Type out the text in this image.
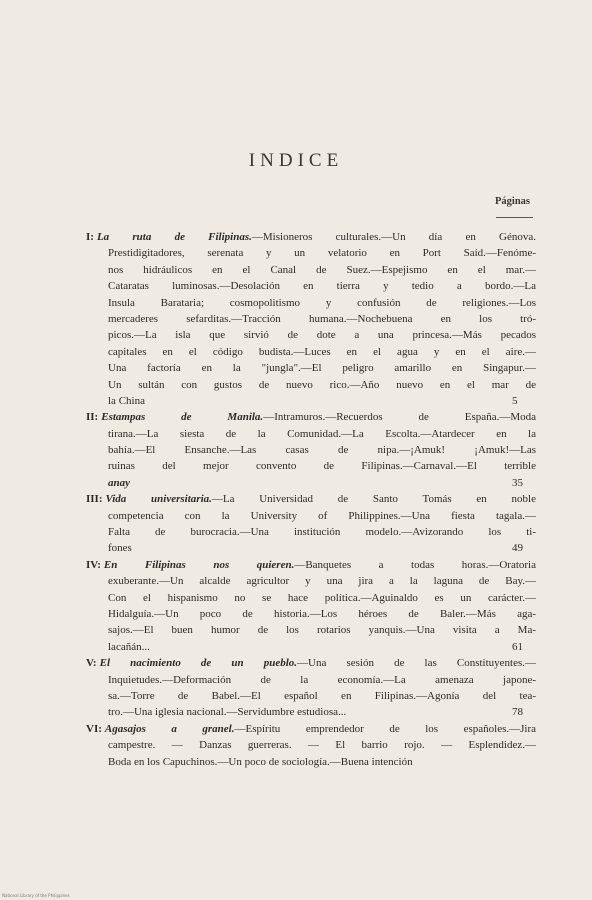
INDICE
Páginas
I: La ruta de Filipinas.—Misioneros culturales.—Un día en Génova.
Prestidigitadores, serenata y un velatorio en Port Saíd.—Fenóme-
nos hidráulicos en el Canal de Suez.—Espejismo en el mar.—
Cataratas luminosas.—Desolación en tierra y tedio a bordo.—La
Insula Barataria; cosmopolitismo y confusión de religiones.—Los
mercaderes sefarditas.—Tracción humana.—Nochebuena en los tró-
picos.—La isla que sirvió de dote a una princesa.—Más pecados
capitales en el código budista.—Luces en el agua y en el aire.—
Una factoría en la "jungla".—El peligro amarillo en Singapur.—
Un sultán con gustos de nuevo rico.—Año nuevo en el mar de
la China	5
II: Estampas de Manila.—Intramuros.—Recuerdos de España.—Moda
tirana.—La siesta de la Comunidad.—La Escolta.—Atardecer en la
bahía.—El Ensanche.—Las casas de nipa.—¡Amuk! ¡Amuk!—Las
ruinas del mejor convento de Filipinas.—Carnaval.—El terrible
anay	35
III: Vida universitaria.—La Universidad de Santo Tomás en noble
competencia con la University of Philippines.—Una fiesta tagala.—
Falta de burocracia.—Una institución modelo.—Avizorando los ti-
fones	49
IV: En Filipinas nos quieren.—Banquetes a todas horas.—Oratoria
exuberante.—Un alcalde agricultor y una jira a la laguna de Bay.—
Con el hispanismo no se hace política.—Aguinaldo es un carácter.—
Hidalguía.—Un poco de historia.—Los héroes de Baler.—Más aga-
sajos.—El buen humor de los rotarios yanquis.—Una visita a Ma-
lacañán...	61
V: El nacimiento de un pueblo.—Una sesión de las Constituyentes.—
Inquietudes.—Deformación de la economía.—La amenaza japone-
sa.—Torre de Babel.—El español en Filipinas.—Agonía del tea-
tro.—Una iglesia nacional.—Servidumbre estudiosa...	78
VI: Agasajos a granel.—Espíritu emprendedor de los españoles.—Jira
campestre. — Danzas guerreras. — El barrio rojo. — Esplendidez.—
Boda en los Capuchinos.—Un poco de sociología.—Buena intención
National Library of the Philippines
